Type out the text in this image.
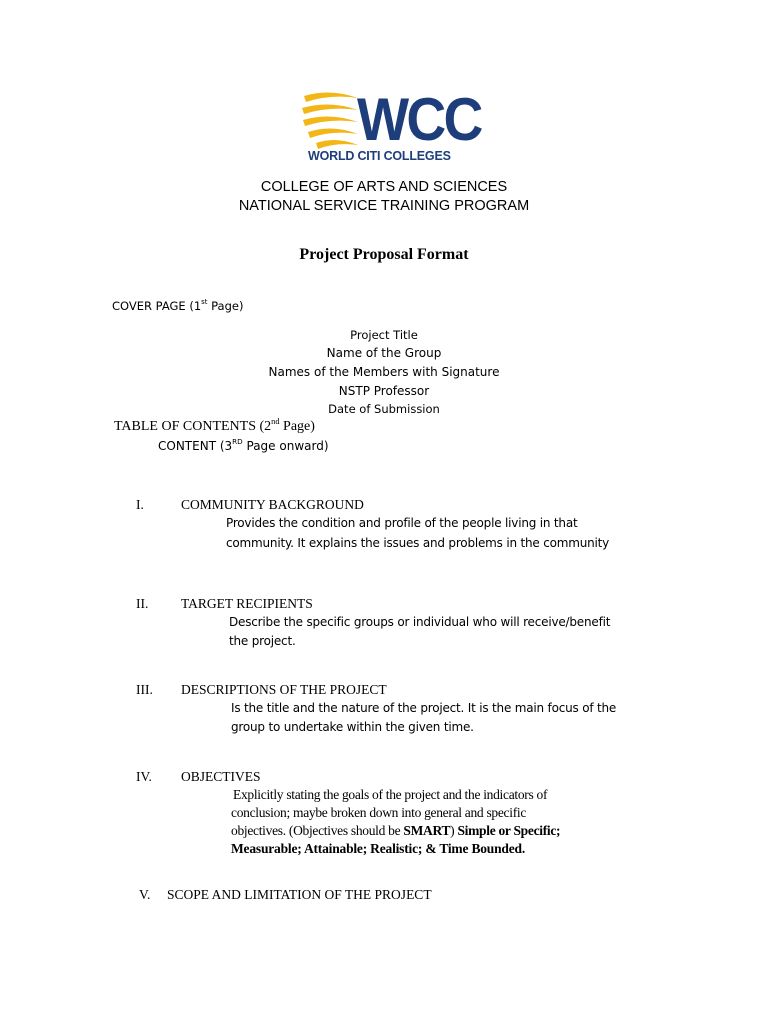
WCC
WORLD CITI COLLEGES
COLLEGE OF ARTS AND SCIENCES
NATIONAL SERVICE TRAINING PROGRAM
Project Proposal Format
COVER PAGE (1st Page)
Project Title
Name of the Group
Names of the Members with Signature
NSTP Professor
Date of Submission
TABLE OF CONTENTS (2nd Page)
CONTENT (3RD Page onward)
I.	COMMUNITY BACKGROUND
Provides the condition and profile of the people living in that
community. It explains the issues and problems in the community
II. TARGET RECIPIENTS
Describe the specific groups or individual who will receive/benefit
the project.
III. DESCRIPTIONS OF THE PROJECT
Is the title and the nature of the project. It is the main focus of the
group to undertake within the given time.
IV. OBJECTIVES
Explicitly stating the goals of the project and the indicators of
conclusion; maybe broken down into general and specific
objectives. (Objectives should be SMART) Simple or Specific;
Measurable; Attainable; Realistic; & Time Bounded.
V. SCOPE AND LIMITATION OF THE PROJECT
